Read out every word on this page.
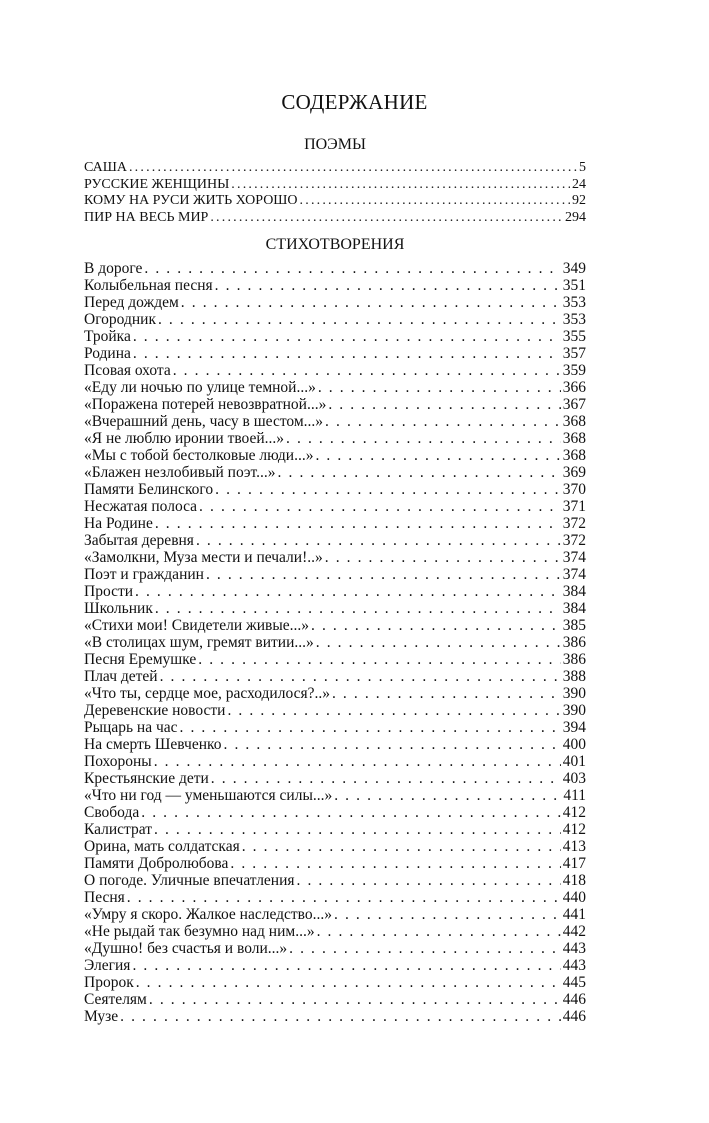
СОДЕРЖАНИЕ
ПОЭМЫ
САША .....	5
РУССКИЕ ЖЕНЩИНЫ .....	24
КОМУ НА РУСИ ЖИТЬ ХОРОШО .....	92
ПИР НА ВЕСЬ МИР .....	294
СТИХОТВОРЕНИЯ
В дороге . . .	349
Колыбельная песня . . .	351
Перед дождем . . .	353
Огородник . . .	353
Тройка . . .	355
Родина . . .	357
Псовая охота . . .	359
«Еду ли ночью по улице темной...» . . .	366
«Поражена потерей невозвратной...» . . .	367
«Вчерашний день, часу в шестом...» . . .	368
«Я не люблю иронии твоей...» . . .	368
«Мы с тобой бестолковые люди...» . . .	368
«Блажен незлобивый поэт...» . . .	369
Памяти Белинского . . .	370
Несжатая полоса . . .	371
На Родине . . .	372
Забытая деревня . . .	372
«Замолкни, Муза мести и печали!..» . . .	374
Поэт и гражданин . . .	374
Прости . . .	384
Школьник . . .	384
«Стихи мои! Свидетели живые...» . . .	385
«В столицах шум, гремят витии...» . . .	386
Песня Еремушке . . .	386
Плач детей . . .	388
«Что ты, сердце мое, расходилося?..» . . .	390
Деревенские новости . . .	390
Рыцарь на час . . .	394
На смерть Шевченко . . .	400
Похороны . . .	401
Крестьянские дети . . .	403
«Что ни год — уменьшаются силы...» . . .	411
Свобода . . .	412
Калистрат . . .	412
Орина, мать солдатская . . .	413
Памяти Добролюбова . . .	417
О погоде. Уличные впечатления . . .	418
Песня . . .	440
«Умру я скоро. Жалкое наследство...» . . .	441
«Не рыдай так безумно над ним...» . . .	442
«Душно! без счастья и воли...» . . .	443
Элегия . . .	443
Пророк . . .	445
Сеятелям . . .	446
Музе . . .	446
